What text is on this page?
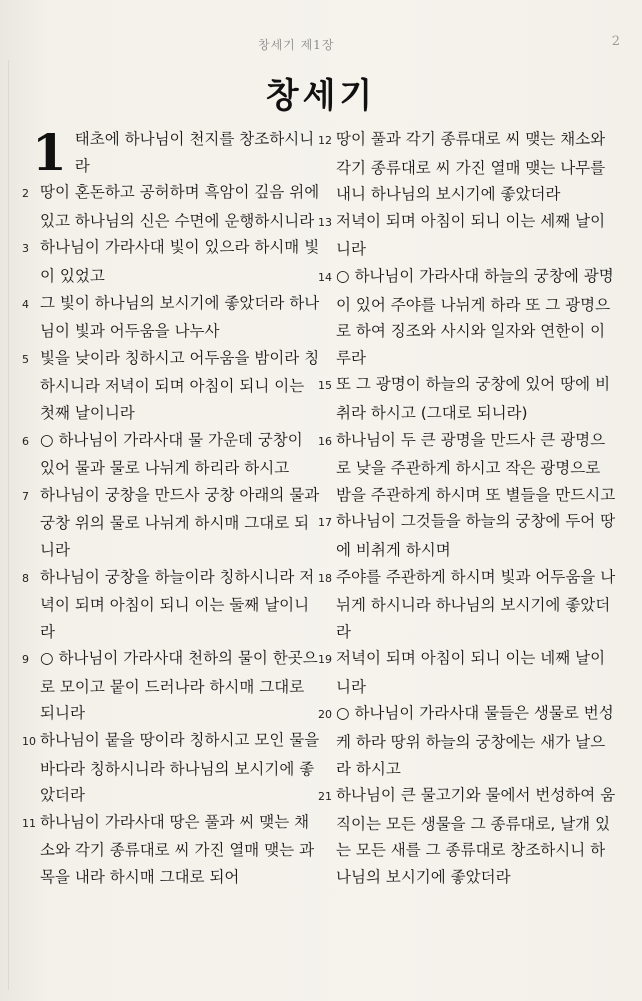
창세기 제1장	2
창세기

1 태초에 하나님이 천지를 창조하시니라

2 땅이 혼돈하고 공허하며 흑암이 깊음 위에 있고 하나님의 신은 수면에 운행하시니라

3 하나님이 가라사대 빛이 있으라 하시매 빛이 있었고

4 그 빛이 하나님의 보시기에 좋았더라 하나님이 빛과 어두움을 나누사

5 빛을 낮이라 칭하시고 어두움을 밤이라 칭하시니라 저녁이 되며 아침이 되니 이는 첫째 날이니라

6 ○ 하나님이 가라사대 물 가운데 궁창이 있어 물과 물로 나뉘게 하리라 하시고

7 하나님이 궁창을 만드사 궁창 아래의 물과 궁창 위의 물로 나뉘게 하시매 그대로 되니라

8 하나님이 궁창을 하늘이라 칭하시니라 저녁이 되며 아침이 되니 이는 둘째 날이니라

9 ○ 하나님이 가라사대 천하의 물이 한곳으로 모이고 뭍이 드러나라 하시매 그대로 되니라

10 하나님이 뭍을 땅이라 칭하시고 모인 물을 바다라 칭하시니라 하나님의 보시기에 좋았더라

11 하나님이 가라사대 땅은 풀과 씨 맺는 채소와 각기 종류대로 씨 가진 열매 맺는 과목을 내라 하시매 그대로 되어

12 땅이 풀과 각기 종류대로 씨 맺는 채소와 각기 종류대로 씨 가진 열매 맺는 나무를 내니 하나님의 보시기에 좋았더라

13 저녁이 되며 아침이 되니 이는 세째 날이니라

14 ○ 하나님이 가라사대 하늘의 궁창에 광명이 있어 주야를 나뉘게 하라 또 그 광명으로 하여 징조와 사시와 일자와 연한이 이루라

15 또 그 광명이 하늘의 궁창에 있어 땅에 비취라 하시고 (그대로 되니라)

16 하나님이 두 큰 광명을 만드사 큰 광명으로 낮을 주관하게 하시고 작은 광명으로 밤을 주관하게 하시며 또 별들을 만드시고

17 하나님이 그것들을 하늘의 궁창에 두어 땅에 비취게 하시며

18 주야를 주관하게 하시며 빛과 어두움을 나뉘게 하시니라 하나님의 보시기에 좋았더라

19 저녁이 되며 아침이 되니 이는 네째 날이니라

20 ○ 하나님이 가라사대 물들은 생물로 번성케 하라 땅위 하늘의 궁창에는 새가 날으라 하시고

21 하나님이 큰 물고기와 물에서 번성하여 움직이는 모든 생물을 그 종류대로, 날개 있는 모든 새를 그 종류대로 창조하시니 하나님의 보시기에 좋았더라
